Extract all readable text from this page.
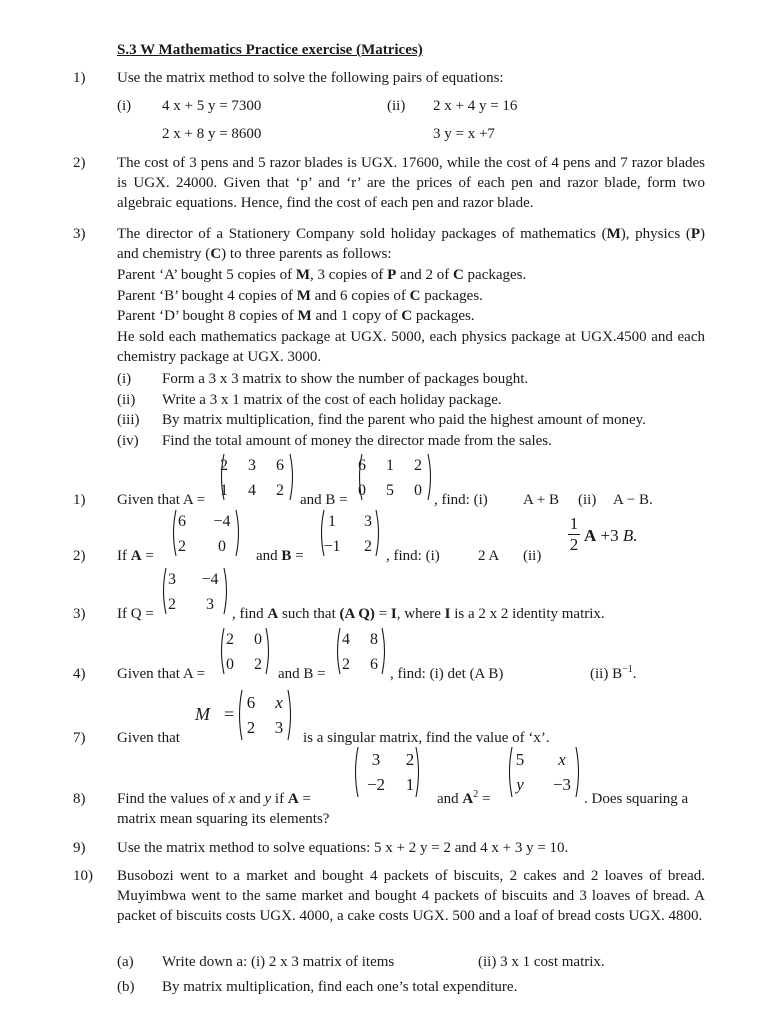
S.3 W Mathematics Practice exercise (Matrices)
1) Use the matrix method to solve the following pairs of equations:
(i) 4 x + 5 y = 7300
2 x + 8 y = 8600
(ii) 2 x + 4 y = 16
3 y = x +7
2) The cost of 3 pens and 5 razor blades is UGX. 17600, while the cost of 4 pens and 7 razor blades is UGX. 24000. Given that ‘p’ and ‘r’ are the prices of each pen and razor blade, form two algebraic equations. Hence, find the cost of each pen and razor blade.
3) The director of a Stationery Company sold holiday packages of mathematics (M), physics (P) and chemistry (C) to three parents as follows:
Parent ‘A’ bought 5 copies of M, 3 copies of P and 2 of C packages.
Parent ‘B’ bought 4 copies of M and 6 copies of C packages.
Parent ‘D’ bought 8 copies of M and 1 copy of C packages.
He sold each mathematics package at UGX. 5000, each physics package at UGX.4500 and each chemistry package at UGX. 3000.
(i) Form a 3 x 3 matrix to show the number of packages bought.
(ii) Write a 3 x 1 matrix of the cost of each holiday package.
(iii) By matrix multiplication, find the parent who paid the highest amount of money.
(iv) Find the total amount of money the director made from the sales.
1) Given that A =
2	3	6
1	4	2
and B =
6	1	2
0	5	0
, find: (i) A + B (ii) A − B.
2) If A =
6	−4
2	0
and B =
1	3
−1	2
, find: (i)	2 A (ii)
1
2 A +3 B.
3) If Q =
3	−4
2	3
, find A such that (A Q) = I, where I is a 2 x 2 identity matrix.
4) Given that A =
2	0
0	2
and B =
4	8
2	6
, find: (i) det (A B)	(ii) $B^{-1}$.
7) Given that
M =
6	x
2	3
is a singular matrix, find the value of ‘x’.
8) Find the values of x and y if A =
3	2
−2	1
and $A^2$ =
5	x
y	−3
. Does squaring a
matrix mean squaring its elements?
9) Use the matrix method to solve equations: 5 x + 2 y = 2 and 4 x + 3 y = 10.
10) Busobozi went to a market and bought 4 packets of biscuits, 2 cakes and 2 loaves of bread. Muyimbwa went to the same market and bought 4 packets of biscuits and 3 loaves of bread. A packet of biscuits costs UGX. 4000, a cake costs UGX. 500 and a loaf of bread costs UGX. 4800.
(a) Write down a: (i) 2 x 3 matrix of items	(ii) 3 x 1 cost matrix.
(b) By matrix multiplication, find each one’s total expenditure.
